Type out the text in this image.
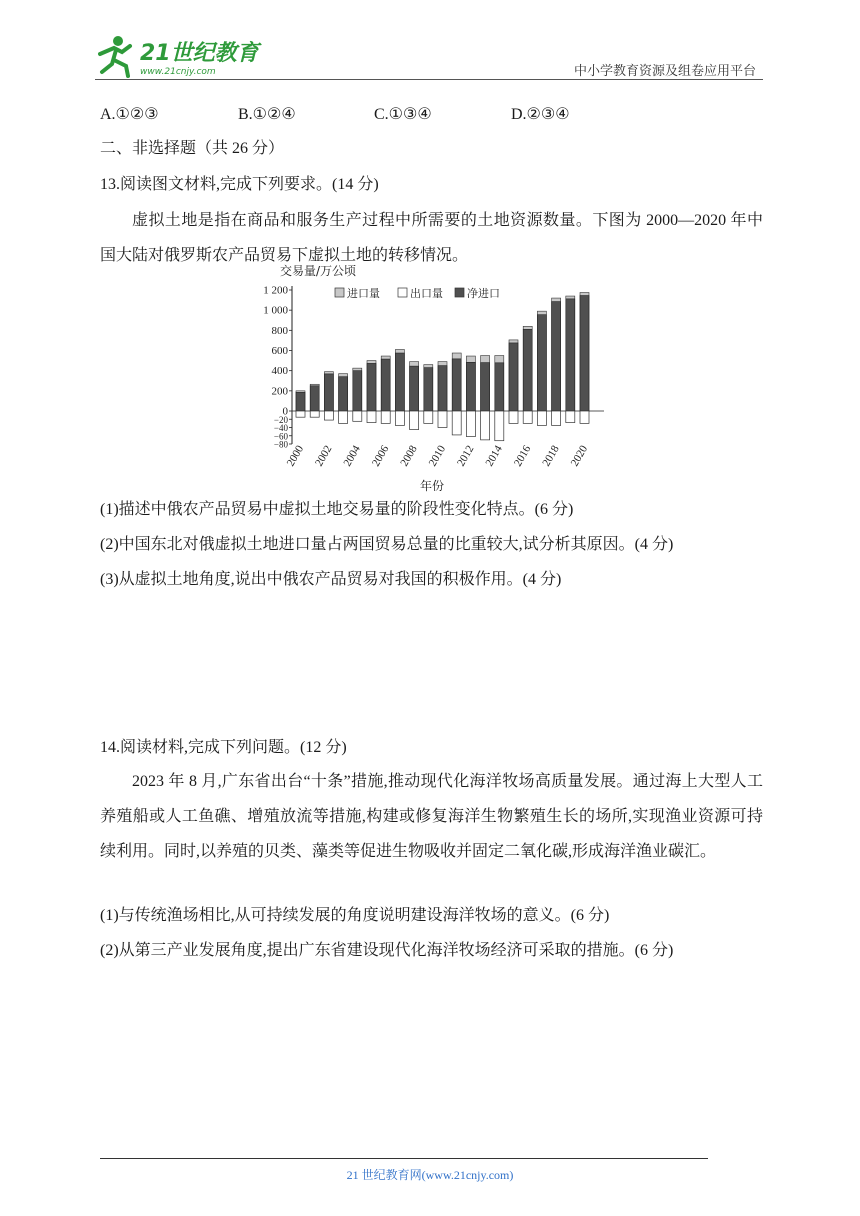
21世纪教育
www.21cnjy.com	中小学教育资源及组卷应用平台
A.①②③	B.①②④	C.①③④	D.②③④
二、非选择题（共 26 分）
13.阅读图文材料,完成下列要求。(14 分)

虚拟土地是指在商品和服务生产过程中所需要的土地资源数量。下图为 2000—2020 年中国大陆对俄罗斯农产品贸易下虚拟土地的转移情况。

交易量/万公顷
进口量	出口量 净进口
1 200
1 000
800
600
400
200
0
−20
−40
−60
−80
2000 2002 2004 2006 2008 2010 2012 2014 2016 2018 2020
年份
(1)描述中俄农产品贸易中虚拟土地交易量的阶段性变化特点。(6 分)
(2)中国东北对俄虚拟土地进口量占两国贸易总量的比重较大,试分析其原因。(4 分)
(3)从虚拟土地角度,说出中俄农产品贸易对我国的积极作用。(4 分)
14.阅读材料,完成下列问题。(12 分)

2023 年 8 月,广东省出台“十条”措施,推动现代化海洋牧场高质量发展。通过海上大型人工养殖船或人工鱼礁、增殖放流等措施,构建或修复海洋生物繁殖生长的场所,实现渔业资源可持续利用。同时,以养殖的贝类、藻类等促进生物吸收并固定二氧化碳,形成海洋渔业碳汇。

(1)与传统渔场相比,从可持续发展的角度说明建设海洋牧场的意义。(6 分)
(2)从第三产业发展角度,提出广东省建设现代化海洋牧场经济可采取的措施。(6 分)
21 世纪教育网(www.21cnjy.com)
